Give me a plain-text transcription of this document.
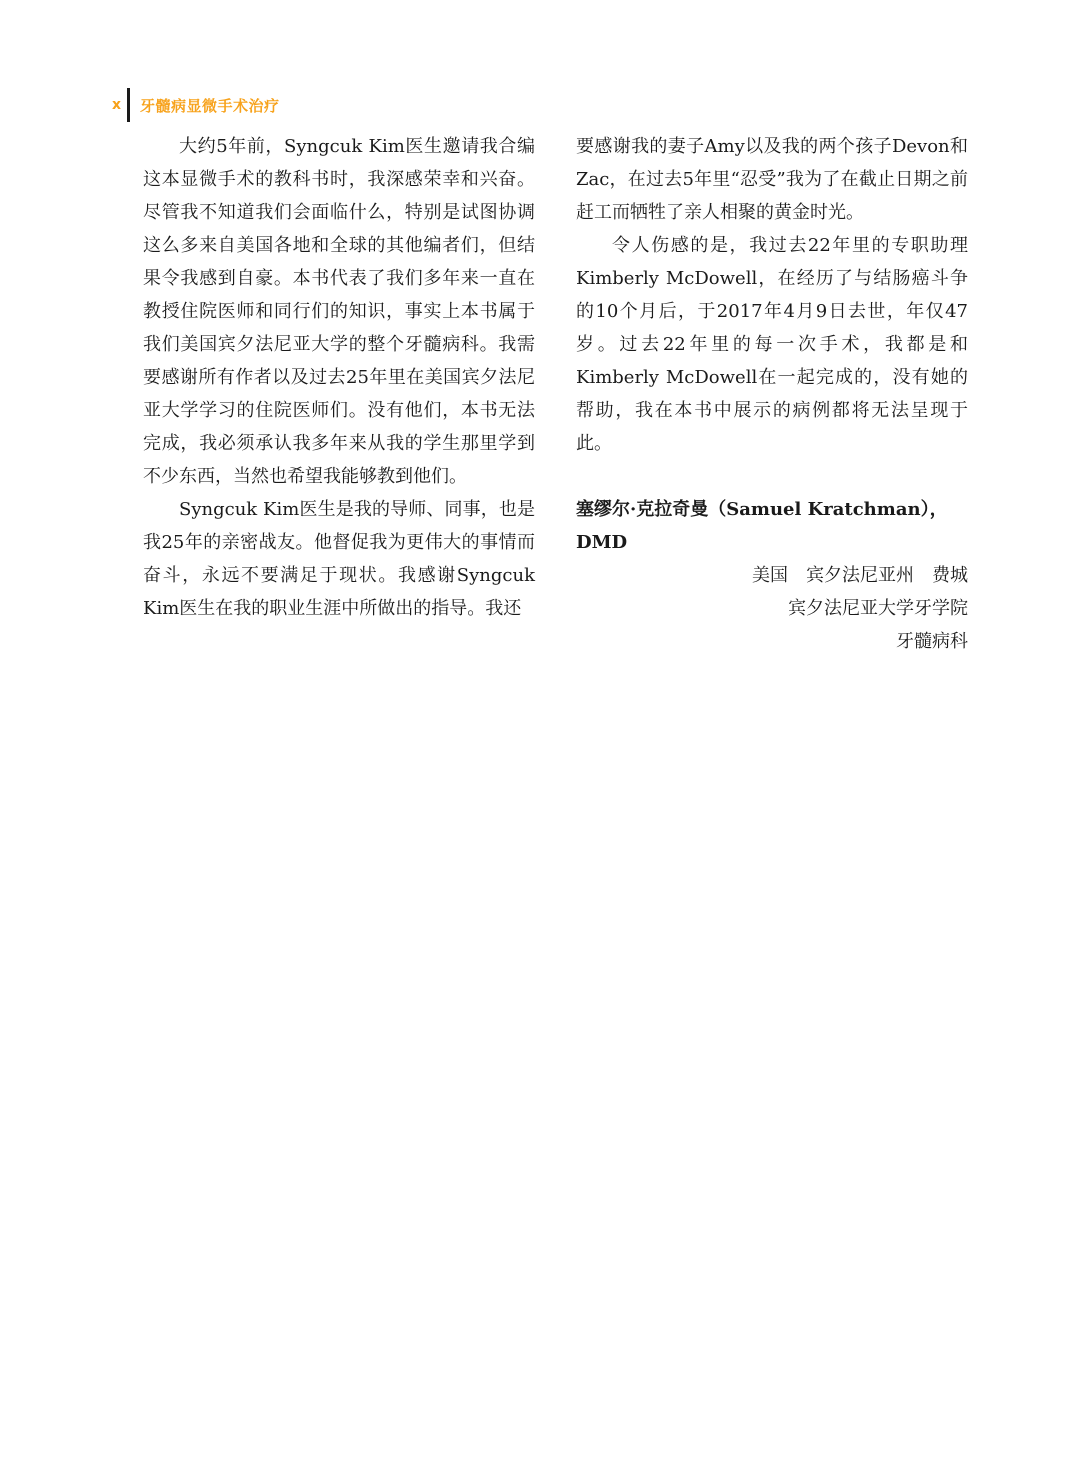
x 牙髓病显微手术治疗

大约5年前，Syngcuk Kim医生邀请我合编这本显微手术的教科书时，我深感荣幸和兴奋。尽管我不知道我们会面临什么，特别是试图协调这么多来自美国各地和全球的其他编者们，但结果令我感到自豪。本书代表了我们多年来一直在教授住院医师和同行们的知识，事实上本书属于我们美国宾夕法尼亚大学的整个牙髓病科。我需要感谢所有作者以及过去25年里在美国宾夕法尼亚大学学习的住院医师们。没有他们，本书无法完成，我必须承认我多年来从我的学生那里学到不少东西，当然也希望我能够教到他们。

Syngcuk Kim医生是我的导师、同事，也是我25年的亲密战友。他督促我为更伟大的事情而奋斗，永远不要满足于现状。我感谢Syngcuk Kim医生在我的职业生涯中所做出的指导。我还

要感谢我的妻子Amy以及我的两个孩子Devon和Zac，在过去5年里“忍受”我为了在截止日期之前赶工而牺牲了亲人相聚的黄金时光。

令人伤感的是，我过去22年里的专职助理Kimberly McDowell，在经历了与结肠癌斗争的10个月后，于2017年4月9日去世，年仅47岁。过去22年里的每一次手术，我都是和Kimberly McDowell在一起完成的，没有她的帮助，我在本书中展示的病例都将无法呈现于此。

塞缪尔·克拉奇曼（Samuel Kratchman），
DMD
美国 宾夕法尼亚州 费城
宾夕法尼亚大学牙学院
牙髓病科
